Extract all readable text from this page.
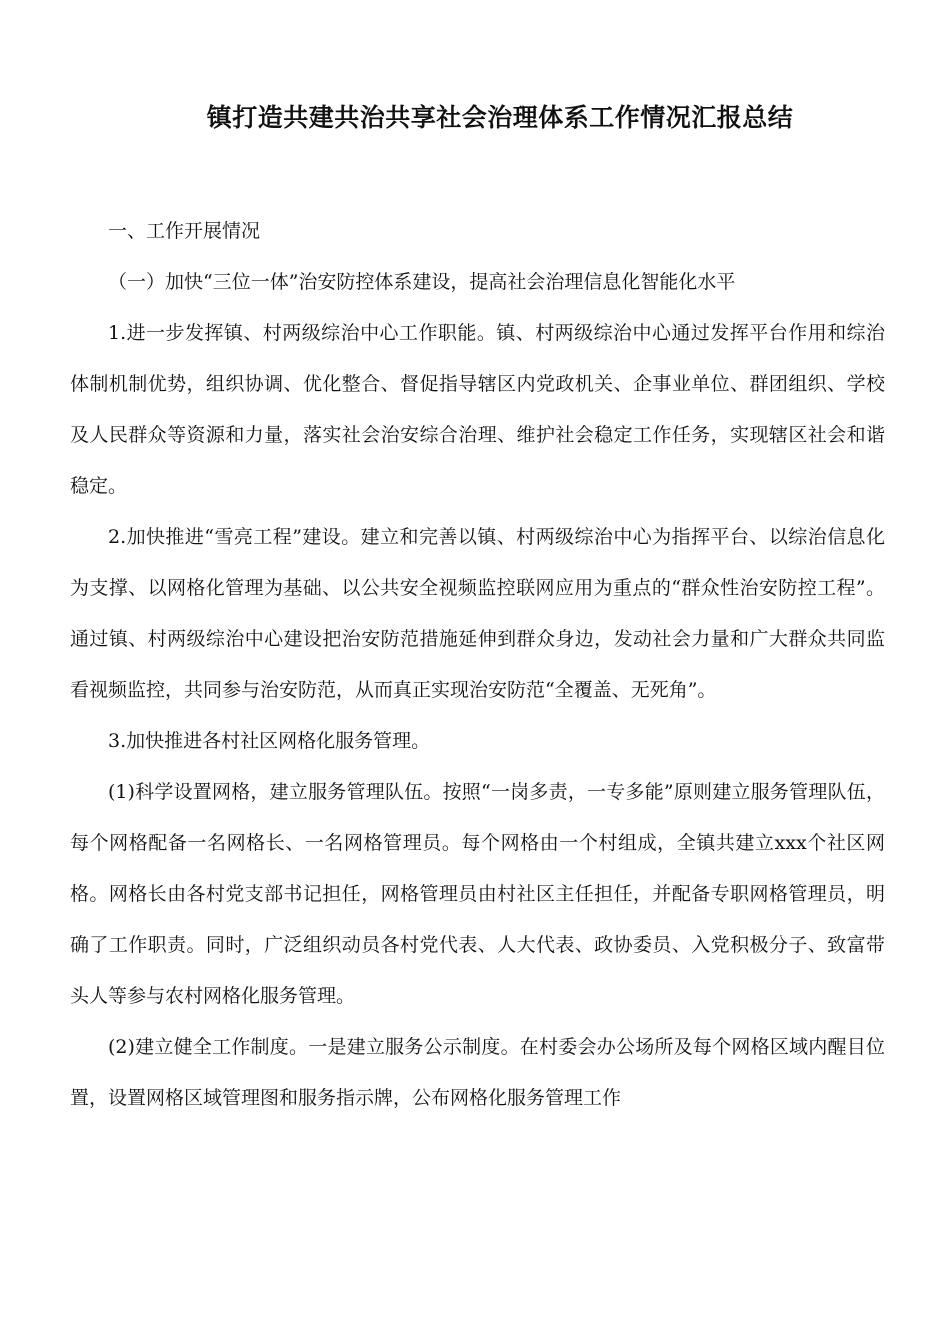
镇打造共建共治共享社会治理体系工作情况汇报总结

一、工作开展情况

（一）加快“三位一体”治安防控体系建设，提高社会治理信息化智能化水平

1.进一步发挥镇、村两级综治中心工作职能。镇、村两级综治中心通过发挥平台作用和综治体制机制优势，组织协调、优化整合、督促指导辖区内党政机关、企事业单位、群团组织、学校及人民群众等资源和力量，落实社会治安综合治理、维护社会稳定工作任务，实现辖区社会和谐稳定。

2.加快推进“雪亮工程”建设。建立和完善以镇、村两级综治中心为指挥平台、以综治信息化为支撑、以网格化管理为基础、以公共安全视频监控联网应用为重点的“群众性治安防控工程”。通过镇、村两级综治中心建设把治安防范措施延伸到群众身边，发动社会力量和广大群众共同监看视频监控，共同参与治安防范，从而真正实现治安防范“全覆盖、无死角”。

3.加快推进各村社区网格化服务管理。

(1)科学设置网格，建立服务管理队伍。按照“一岗多责，一专多能”原则建立服务管理队伍，每个网格配备一名网格长、一名网格管理员。每个网格由一个村组成，全镇共建立xxx个社区网格。网格长由各村党支部书记担任，网格管理员由村社区主任担任，并配备专职网格管理员，明确了工作职责。同时，广泛组织动员各村党代表、人大代表、政协委员、入党积极分子、致富带头人等参与农村网格化服务管理。

(2)建立健全工作制度。一是建立服务公示制度。在村委会办公场所及每个网格区域内醒目位置，设置网格区域管理图和服务指示牌，公布网格化服务管理工作
